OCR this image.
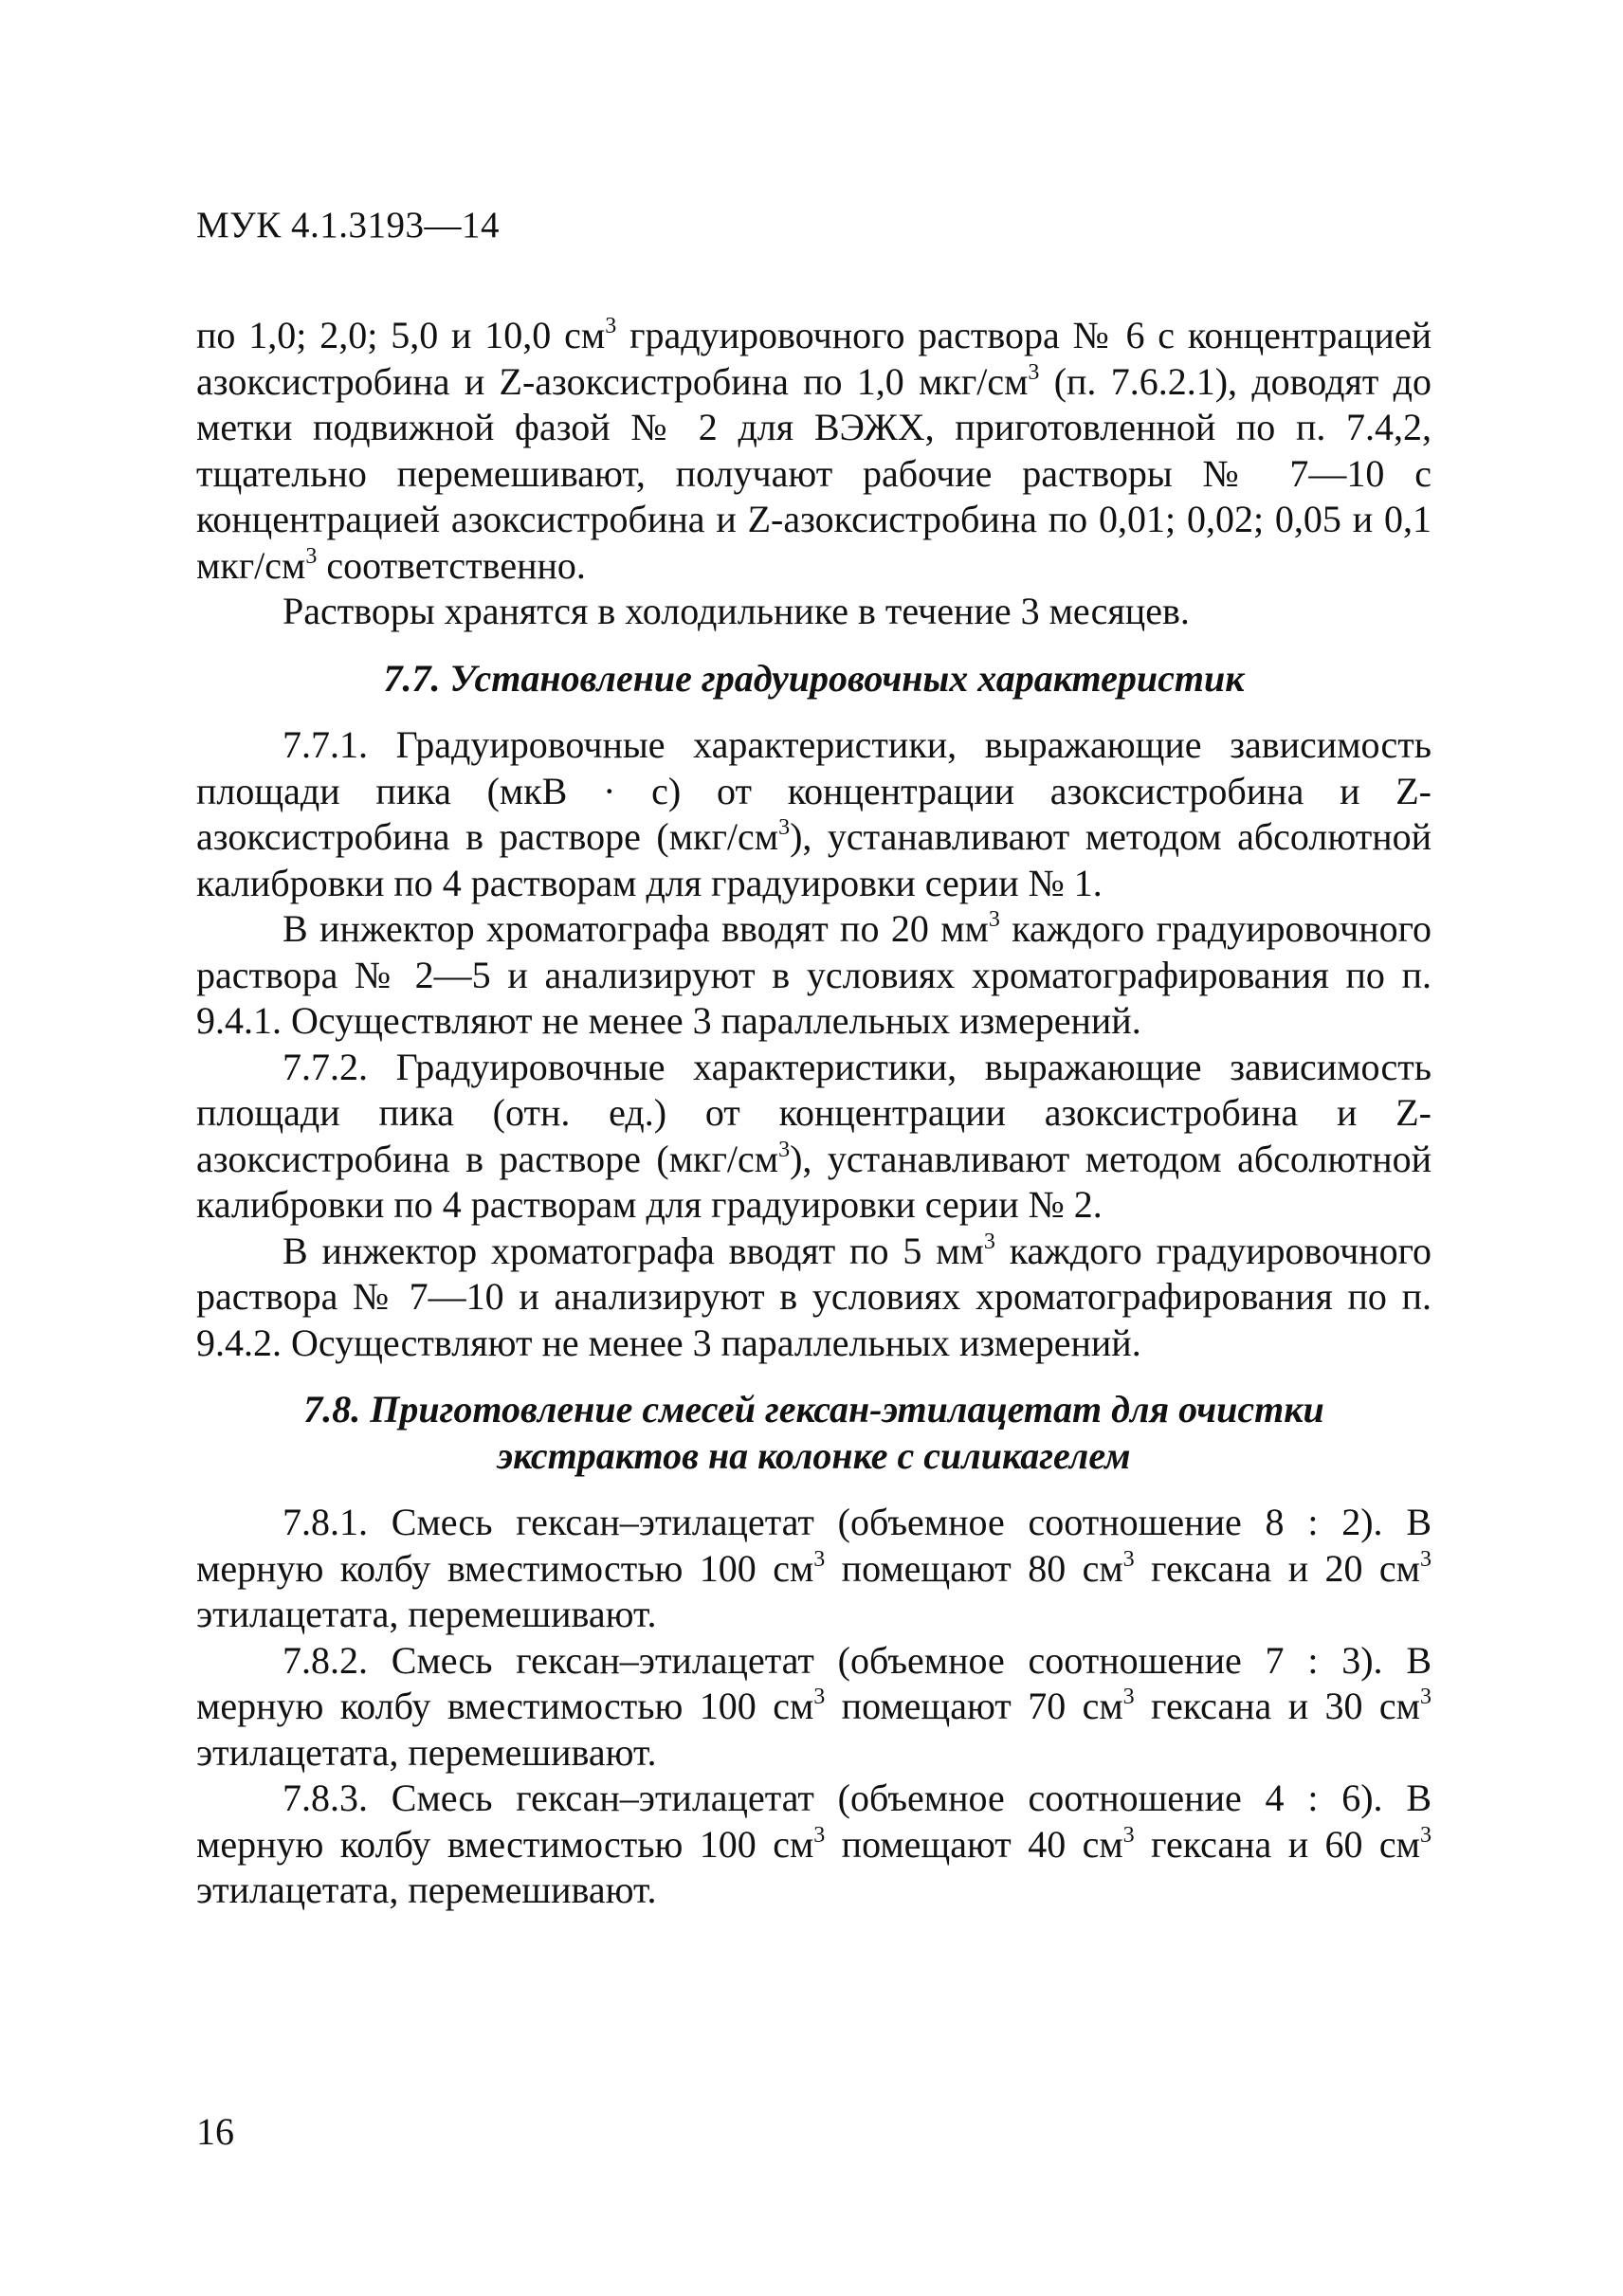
МУК 4.1.3193—14

по 1,0; 2,0; 5,0 и 10,0 $см^3$ градуировочного раствора № 6 с концентрацией азоксистробина и Z-азоксистробина по 1,0 мкг/$см^3$ (п. 7.6.2.1), доводят до метки подвижной фазой № 2 для ВЭЖХ, приготовленной по п. 7.4,2, тщательно перемешивают, получают рабочие растворы № 7—10 с концентрацией азоксистробина и Z-азоксистробина по 0,01; 0,02; 0,05 и 0,1 мкг/$см^3$ соответственно.

Растворы хранятся в холодильнике в течение 3 месяцев.

7.7. Установление градуировочных характеристик

7.7.1. Градуировочные характеристики, выражающие зависимость площади пика (мкВ · с) от концентрации азоксистробина и Z-азоксистробина в растворе $(мкг/см^3)$, устанавливают методом абсолютной калибровки по 4 растворам для градуировки серии № 1.

В инжектор хроматографа вводят по 20 $мм^3$ каждого градуировочного раствора № 2—5 и анализируют в условиях хроматографирования по п. 9.4.1. Осуществляют не менее 3 параллельных измерений.

7.7.2. Градуировочные характеристики, выражающие зависимость площади пика (отн. ед.) от концентрации азоксистробина и Z-азоксистробина в растворе $(мкг/см^3)$, устанавливают методом абсолютной калибровки по 4 растворам для градуировки серии № 2.

В инжектор хроматографа вводят по 5 $мм^3$ каждого градуировочного раствора № 7—10 и анализируют в условиях хроматографирования по п. 9.4.2. Осуществляют не менее 3 параллельных измерений.

7.8. Приготовление смесей гексан-этилацетат для очистки
экстрактов на колонке с силикагелем

7.8.1. Смесь гексан–этилацетат (объемное соотношение 8 : 2). В мерную колбу вместимостью 100 $см^3$ помещают 80 $см^3$ гексана и 20 $см^3$ этилацетата, перемешивают.

7.8.2. Смесь гексан–этилацетат (объемное соотношение 7 : 3). В мерную колбу вместимостью 100 $см^3$ помещают 70 $см^3$ гексана и 30 $см^3$ этилацетата, перемешивают.

7.8.3. Смесь гексан–этилацетат (объемное соотношение 4 : 6). В мерную колбу вместимостью 100 $см^3$ помещают 40 $см^3$ гексана и 60 $см^3$ этилацетата, перемешивают.

16
